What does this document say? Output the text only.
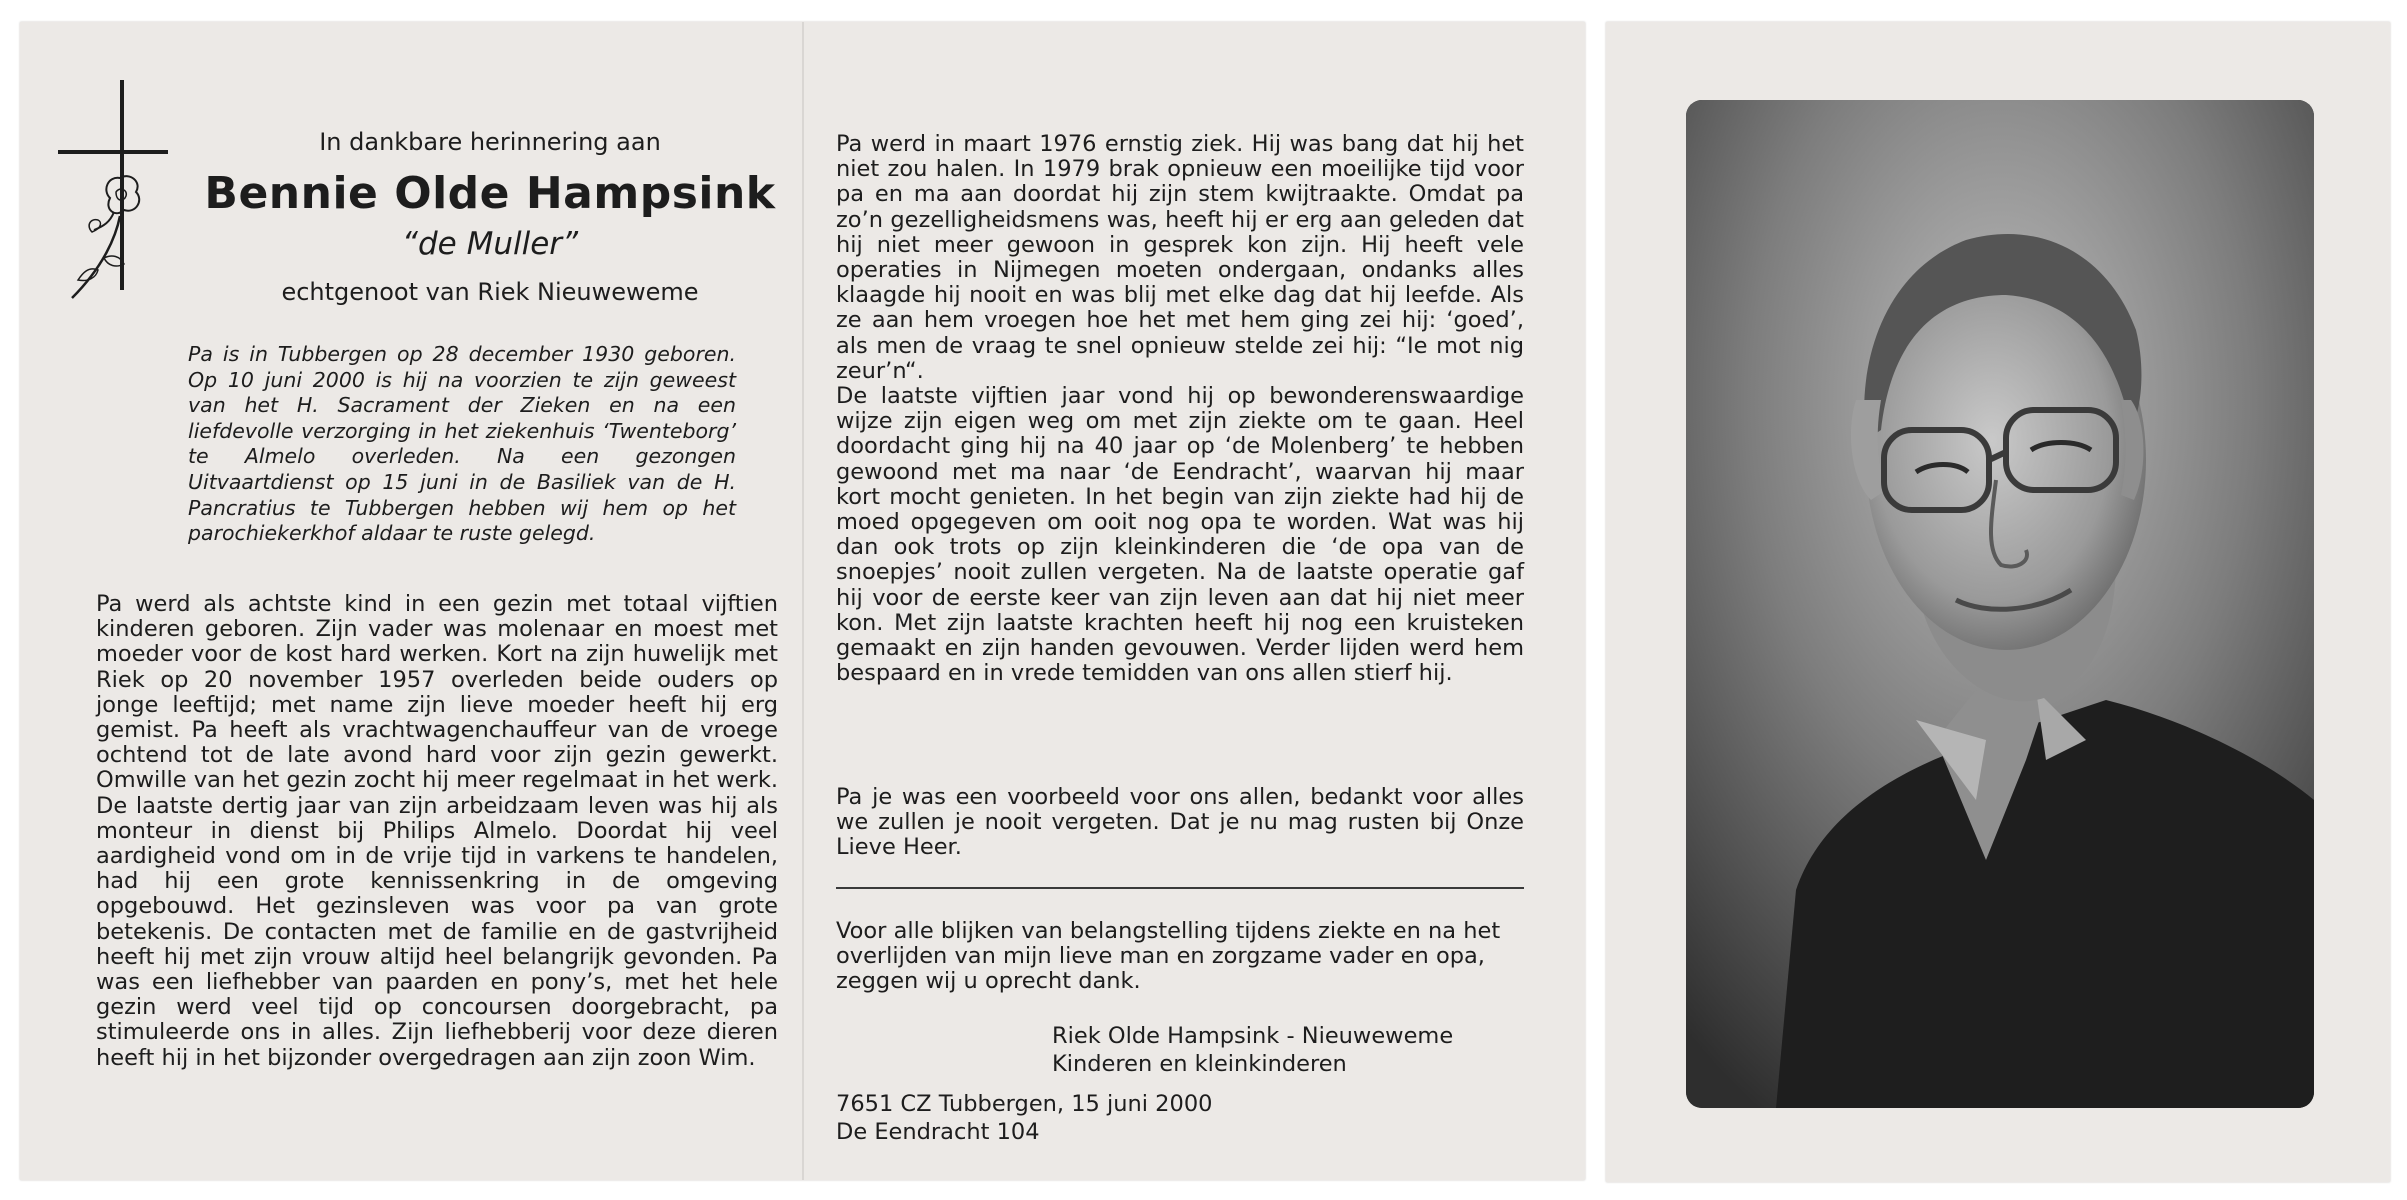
In dankbare herinnering aan
Bennie Olde Hampsink
“de Muller”
echtgenoot van Riek Nieuweweme
Pa is in Tubbergen op 28 december 1930 geboren. Op 10 juni 2000 is hij na voorzien te zijn geweest van het H. Sacrament der Zieken en na een liefdevolle verzorging in het ziekenhuis ‘Twenteborg’ te Almelo overleden. Na een gezongen Uitvaartdienst op 15 juni in de Basiliek van de H. Pancratius te Tubbergen hebben wij hem op het parochiekerkhof aldaar te ruste gelegd.
Pa werd als achtste kind in een gezin met totaal vijftien kinderen geboren. Zijn vader was molenaar en moest met moeder voor de kost hard werken. Kort na zijn huwelijk met Riek op 20 november 1957 overleden beide ouders op jonge leeftijd; met name zijn lieve moeder heeft hij erg gemist. Pa heeft als vrachtwagenchauffeur van de vroege ochtend tot de late avond hard voor zijn gezin gewerkt. Omwille van het gezin zocht hij meer regelmaat in het werk. De laatste dertig jaar van zijn arbeidzaam leven was hij als monteur in dienst bij Philips Almelo. Doordat hij veel aardigheid vond om in de vrije tijd in varkens te handelen, had hij een grote kennissenkring in de omgeving opgebouwd. Het gezinsleven was voor pa van grote betekenis. De contacten met de familie en de gastvrijheid heeft hij met zijn vrouw altijd heel belangrijk gevonden. Pa was een liefhebber van paarden en pony’s, met het hele gezin werd veel tijd op concoursen doorgebracht, pa stimuleerde ons in alles. Zijn liefhebberij voor deze dieren heeft hij in het bijzonder overgedragen aan zijn zoon Wim.

Pa werd in maart 1976 ernstig ziek. Hij was bang dat hij het niet zou halen. In 1979 brak opnieuw een moeilijke tijd voor pa en ma aan doordat hij zijn stem kwijtraakte. Omdat pa zo’n gezelligheidsmens was, heeft hij er erg aan geleden dat hij niet meer gewoon in gesprek kon zijn. Hij heeft vele operaties in Nijmegen moeten ondergaan, ondanks alles klaagde hij nooit en was blij met elke dag dat hij leefde. Als ze aan hem vroegen hoe het met hem ging zei hij: ‘goed’, als men de vraag te snel opnieuw stelde zei hij: “Ie mot nig zeur’n“.

De laatste vijftien jaar vond hij op bewonderenswaardige wijze zijn eigen weg om met zijn ziekte om te gaan. Heel doordacht ging hij na 40 jaar op ‘de Molenberg’ te hebben gewoond met ma naar ‘de Eendracht’, waarvan hij maar kort mocht genieten. In het begin van zijn ziekte had hij de moed opgegeven om ooit nog opa te worden. Wat was hij dan ook trots op zijn kleinkinderen die ‘de opa van de snoepjes’ nooit zullen vergeten. Na de laatste operatie gaf hij voor de eerste keer van zijn leven aan dat hij niet meer kon. Met zijn laatste krachten heeft hij nog een kruisteken gemaakt en zijn handen gevouwen. Verder lijden werd hem bespaard en in vrede temidden van ons allen stierf hij.

Pa je was een voorbeeld voor ons allen, bedankt voor alles we zullen je nooit vergeten. Dat je nu mag rusten bij Onze Lieve Heer.
Voor alle blijken van belangstelling tijdens ziekte en na het overlijden van mijn lieve man en zorgzame vader en opa, zeggen wij u oprecht dank.
Riek Olde Hampsink - Nieuweweme
Kinderen en kleinkinderen
7651 CZ Tubbergen, 15 juni 2000
De Eendracht 104
